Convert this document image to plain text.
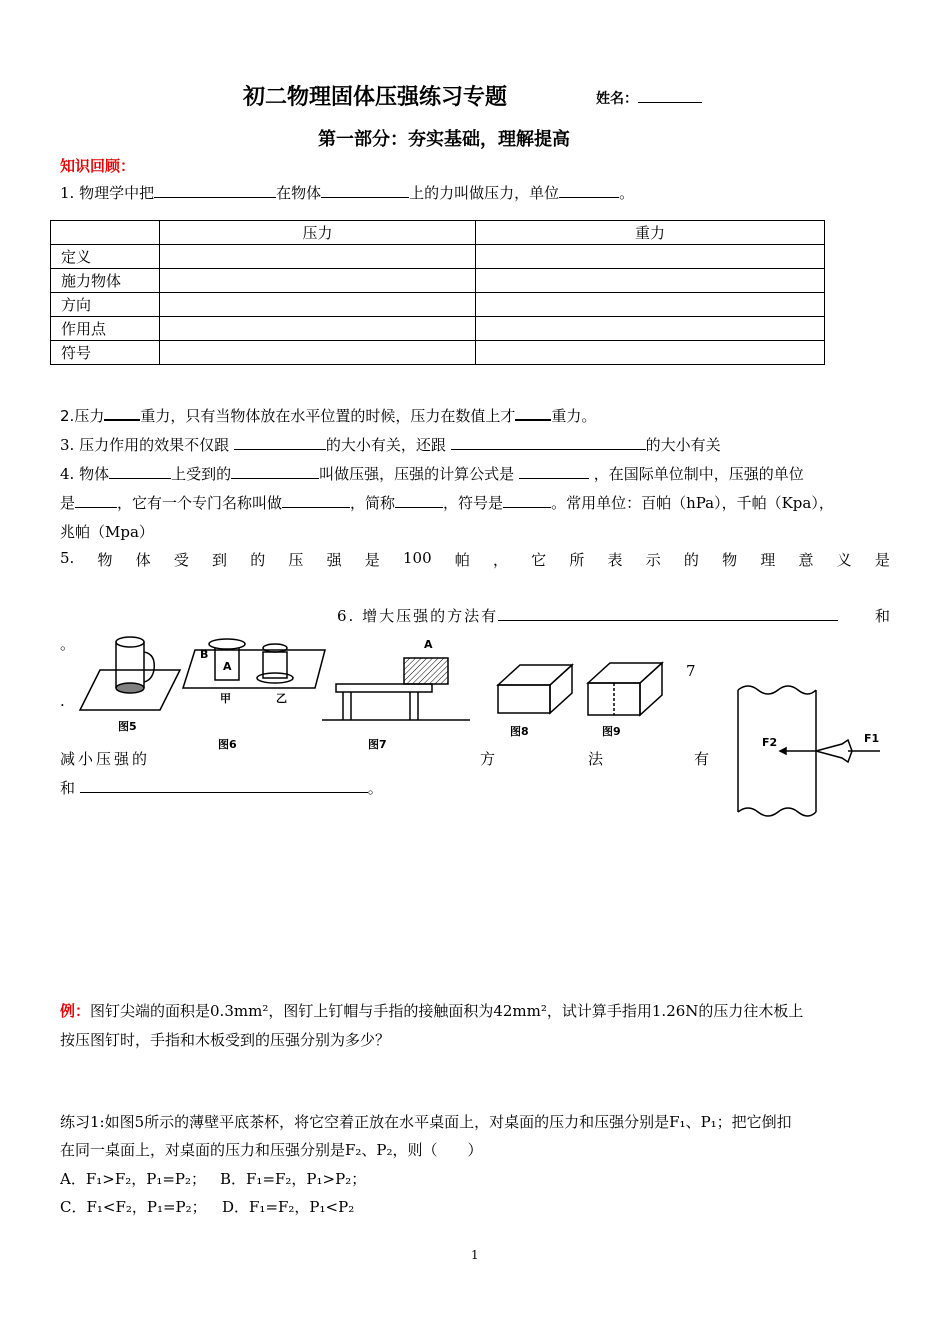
初二物理固体压强练习专题	姓名：
第一部分：夯实基础，理解提高
知识回顾：
1. 物理学中把	在物体	上的力叫做压力，单位	。
	压力	重力
定义		
施力物体		
方向		
作用点		
符号		
2.压力 重力，只有当物体放在水平位置的时候，压力在数值上才 重力。
3. 压力作用的效果不仅跟	的大小有关，还跟	的大小有关
4. 物体	上受到的	叫做压强，压强的计算公式是	，在国际单位制中，压强的单位
是	，它有一个专门名称叫做	，简称	，符号是	。常用单位：百帕（hPa），千帕（Kpa），
兆帕（Mpa）
5. 物 体 受 到 的 压 强 是 100 帕 ， 它 所 表 示 的 物 理 意 义 是
6. 增大压强的方法有	和
。
7
.
减小压强的	方	法	有
和	。
图5
图6	图7
A
B
甲	乙
A
图8	图9
F2	F1
例：图钉尖端的面积是0.3mm²，图钉上钉帽与手指的接触面积为42mm²，试计算手指用1.26N的压力往木板上
按压图钉时，手指和木板受到的压强分别为多少？
练习1:如图5所示的薄壁平底茶杯，将它空着正放在水平桌面上，对桌面的压力和压强分别是F₁、P₁；把它倒扣
在同一桌面上，对桌面的压力和压强分别是F₂、P₂，则（　　）
A．F₁>F₂，P₁=P₂； B．F₁=F₂，P₁>P₂；
C．F₁<F₂，P₁=P₂； D．F₁=F₂，P₁<P₂
1
